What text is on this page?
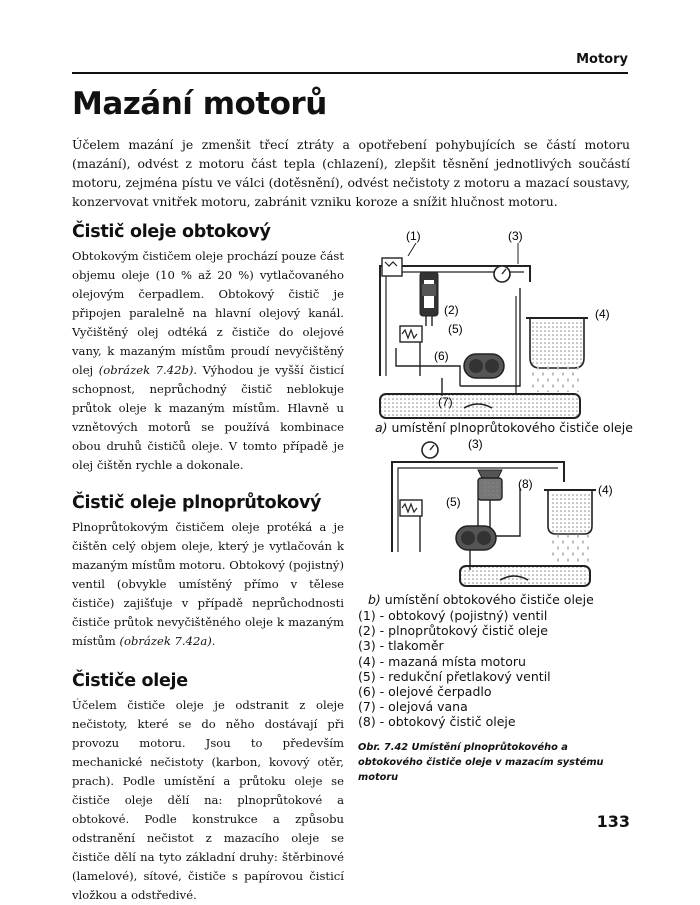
Motory
Mazání motorů

Účelem mazání je zmenšit třecí ztráty a opotřebení pohybujících se částí motoru (mazání), odvést z motoru část tepla (chlazení), zlepšit těsnění jednotlivých součástí motoru, zejména pístu ve válci (dotěsnění), odvést nečistoty z motoru a mazací soustavy, konzervovat vnitřek motoru, zabránit vzniku koroze a snížit hlučnost motoru.

Čistič oleje obtokový

Obtokovým čističem oleje prochází pouze část objemu oleje (10 % až 20 %) vytlačovaného olejovým čerpadlem. Obtokový čistič je připojen paralelně na hlavní olejový kanál. Vyčištěný olej odtéká z čističe do olejové vany, k mazaným místům proudí nevyčištěný olej (obrázek 7.42b). Výhodou je vyšší čisticí schopnost, neprůchodný čistič neblokuje průtok oleje k mazaným místům. Hlavně u vznětových motorů se používá kombinace obou druhů čističů oleje. V tomto případě je olej čištěn rychle a dokonale.

Čistič oleje plnoprůtokový

Plnoprůtokovým čističem oleje protéká a je čištěn celý objem oleje, který je vytlačován k mazaným místům motoru. Obtokový (pojistný) ventil (obvykle umístěný přímo v tělese čističe) zajišťuje v případě neprůchodnosti čističe průtok nevyčištěného oleje k mazaným místům (obrázek 7.42a).

Čističe oleje

Účelem čističe oleje je odstranit z oleje nečistoty, které se do něho dostávají při provozu motoru. Jsou to především mechanické nečistoty (karbon, kovový otěr, prach). Podle umístění a průtoku oleje se čističe oleje dělí na: plnoprůtokové a obtokové. Podle konstrukce a způsobu odstranění nečistot z mazacího oleje se čističe dělí na tyto základní druhy: štěrbinové (lamelové), sítové, čističe s papírovou čisticí vložkou a odstředivé.

(1)	(3)
(2)	(4)
(5)
(6)
(7)
(3)
(8)	(4)
(5)
a) umístění plnoprůtokového čističe oleje
b) umístění obtokového čističe oleje
(1) - obtokový (pojistný) ventil
(2) - plnoprůtokový čistič oleje
(3) - tlakoměr
(4) - mazaná místa motoru
(5) - redukční přetlakový ventil
(6) - olejové čerpadlo
(7) - olejová vana
(8) - obtokový čistič oleje

Obr. 7.42 Umístění plnoprůtokového a obtokového čističe oleje v mazacím systému motoru

133
